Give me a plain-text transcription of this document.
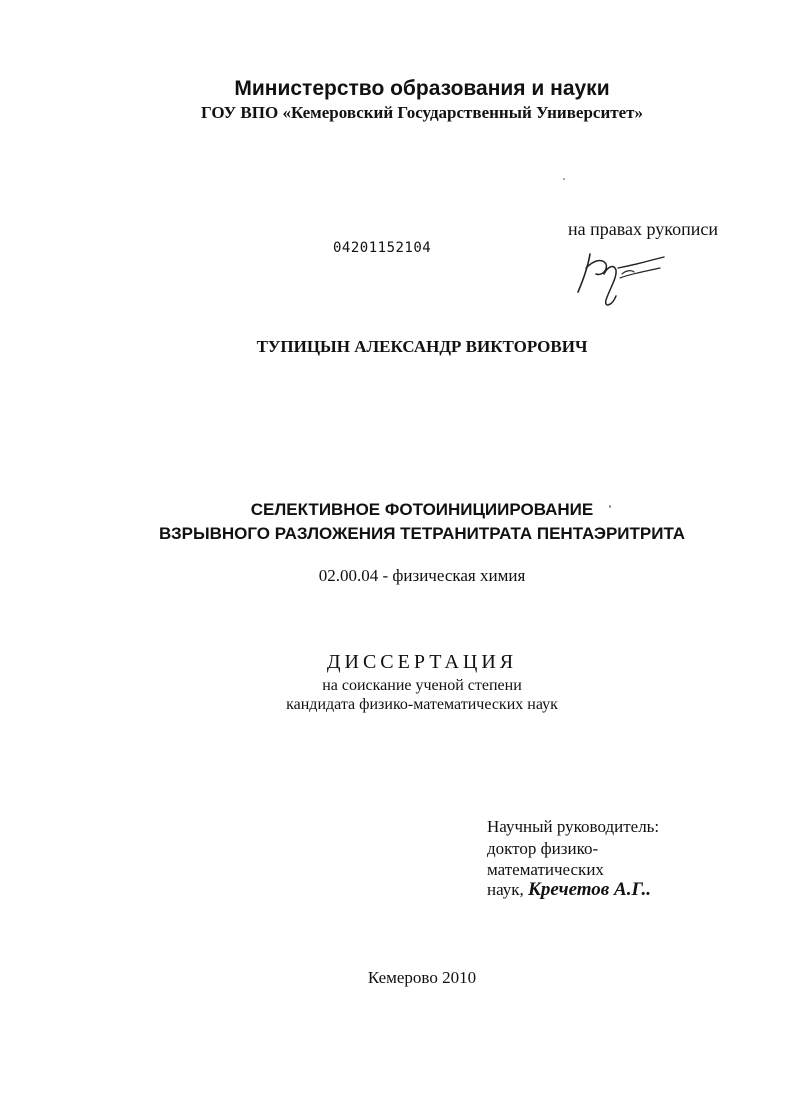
Министерство образования и науки
ГОУ ВПО «Кемеровский Государственный Университет»
04201152104
на правах рукописи
ТУПИЦЫН АЛЕКСАНДР ВИКТОРОВИЧ
СЕЛЕКТИВНОЕ ФОТОИНИЦИИРОВАНИЕ
ВЗРЫВНОГО РАЗЛОЖЕНИЯ ТЕТРАНИТРАТА ПЕНТАЭРИТРИТА
02.00.04 - физическая химия
ДИССЕРТАЦИЯ
на соискание ученой степени
кандидата физико-математических наук
Научный руководитель:
доктор физико-
математических
наук, Кречетов А.Г..
Кемерово 2010
